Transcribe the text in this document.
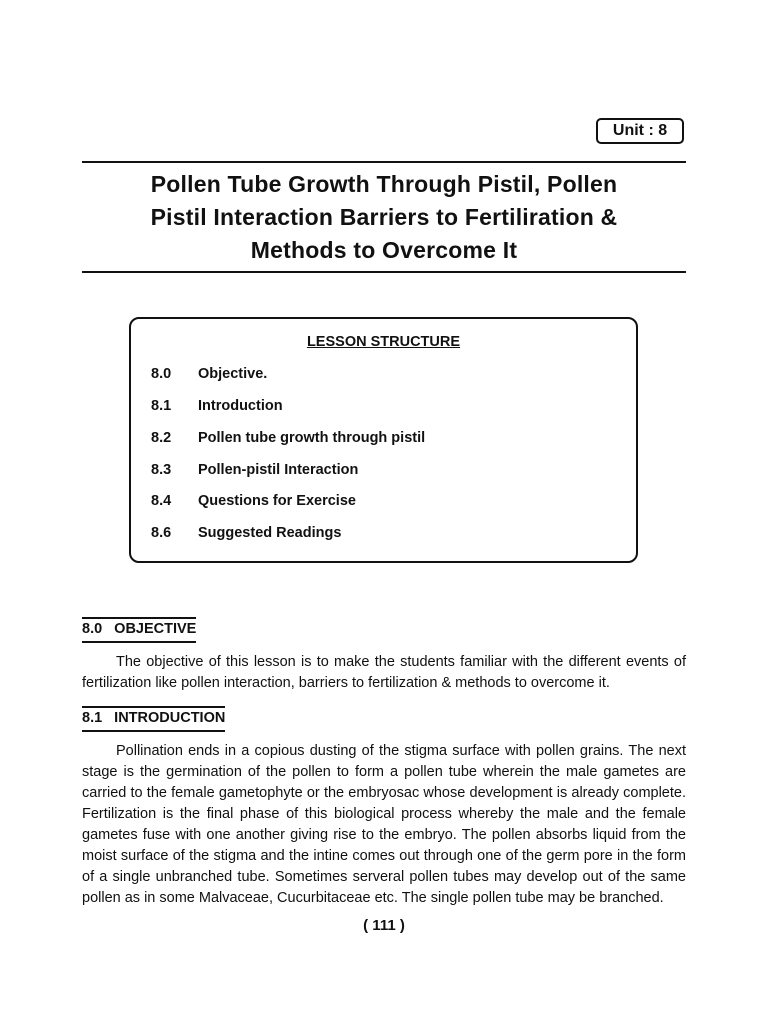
Unit : 8
Pollen Tube Growth Through Pistil, Pollen
Pistil Interaction Barriers to Fertiliration &
Methods to Overcome It
LESSON STRUCTURE
8.0 Objective.
8.1 Introduction
8.2 Pollen tube growth through pistil
8.3 Pollen-pistil Interaction
8.4 Questions for Exercise
8.6 Suggested Readings
8.0 OBJECTIVE
The objective of this lesson is to make the students familiar with the different events of fertilization like pollen interaction, barriers to fertilization & methods to overcome it.
8.1 INTRODUCTION
Pollination ends in a copious dusting of the stigma surface with pollen grains. The next stage is the germination of the pollen to form a pollen tube wherein the male gametes are carried to the female gametophyte or the embryosac whose development is already complete. Fertilization is the final phase of this biological process whereby the male and the female gametes fuse with one another giving rise to the embryo. The pollen absorbs liquid from the moist surface of the stigma and the intine comes out through one of the germ pore in the form of a single unbranched tube. Sometimes serveral pollen tubes may develop out of the same pollen as in some Malvaceae, Cucurbitaceae etc. The single pollen tube may be branched.
( 111 )
